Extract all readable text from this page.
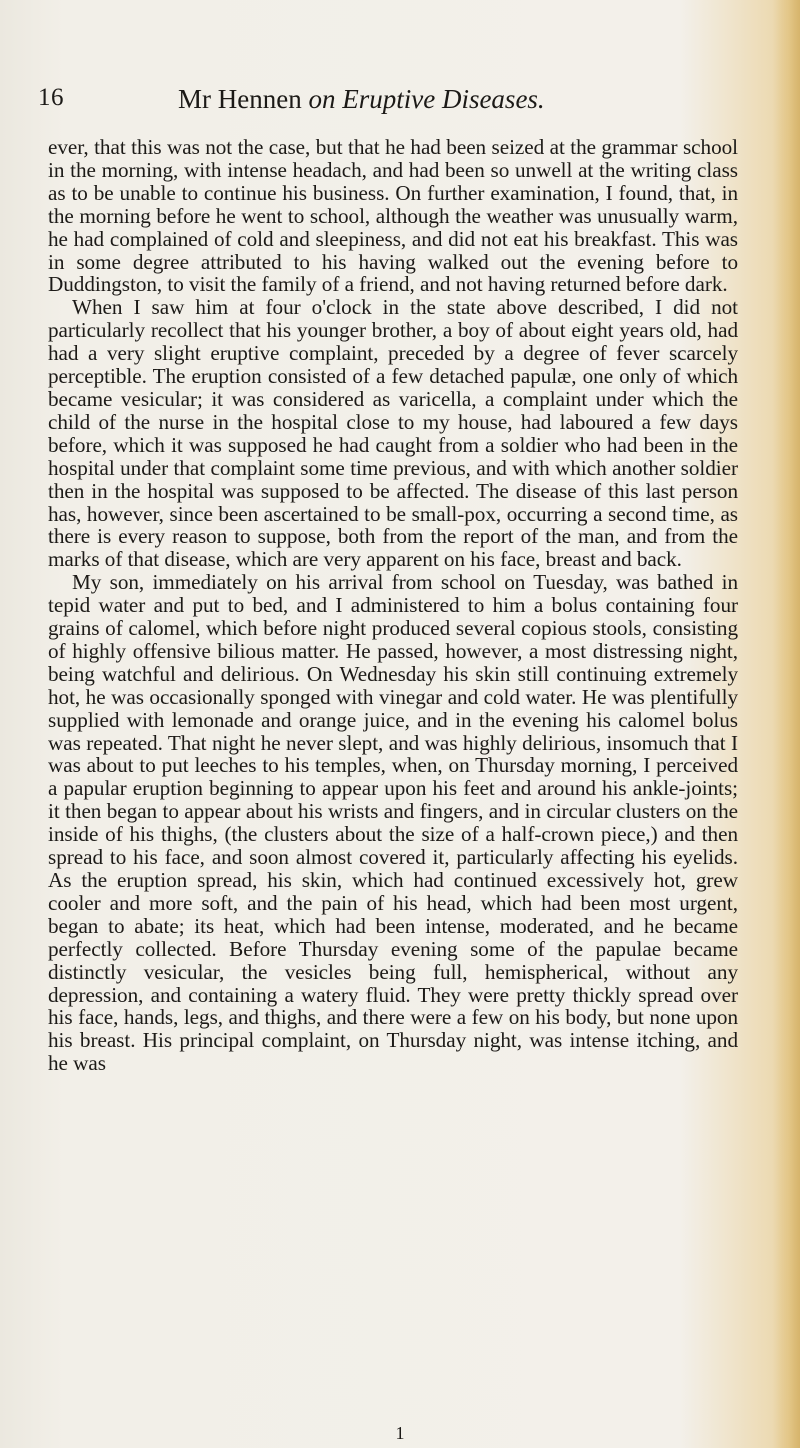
16	Mr Hennen on Eruptive Diseases.

ever, that this was not the case, but that he had been seized at the grammar school in the morning, with intense headach, and had been so unwell at the writing class as to be unable to continue his business. On further examination, I found, that, in the morning before he went to school, although the weather was unusually warm, he had complained of cold and sleepiness, and did not eat his breakfast. This was in some degree attributed to his having walked out the evening before to Duddingston, to visit the family of a friend, and not having returned before dark.

When I saw him at four o'clock in the state above described, I did not particularly recollect that his younger brother, a boy of about eight years old, had had a very slight eruptive complaint, preceded by a degree of fever scarcely perceptible. The eruption consisted of a few detached papulæ, one only of which became vesicular; it was considered as varicella, a complaint under which the child of the nurse in the hospital close to my house, had laboured a few days before, which it was supposed he had caught from a soldier who had been in the hospital under that complaint some time previous, and with which another soldier then in the hospital was supposed to be affected. The disease of this last person has, however, since been ascertained to be small-pox, occurring a second time, as there is every reason to suppose, both from the report of the man, and from the marks of that disease, which are very apparent on his face, breast and back.

My son, immediately on his arrival from school on Tuesday, was bathed in tepid water and put to bed, and I administered to him a bolus containing four grains of calomel, which before night produced several copious stools, consisting of highly offensive bilious matter. He passed, however, a most distressing night, being watchful and delirious. On Wednesday his skin still continuing extremely hot, he was occasionally sponged with vinegar and cold water. He was plentifully supplied with lemonade and orange juice, and in the evening his calomel bolus was repeated. That night he never slept, and was highly delirious, insomuch that I was about to put leeches to his temples, when, on Thursday morning, I perceived a papular eruption beginning to appear upon his feet and around his ankle-joints; it then began to appear about his wrists and fingers, and in circular clusters on the inside of his thighs, (the clusters about the size of a half-crown piece,) and then spread to his face, and soon almost covered it, particularly affecting his eyelids. As the eruption spread, his skin, which had continued excessively hot, grew cooler and more soft, and the pain of his head, which had been most urgent, began to abate; its heat, which had been intense, moderated, and he became perfectly collected. Before Thursday evening some of the papulae became distinctly vesicular, the vesicles being full, hemispherical, without any depression, and containing a watery fluid. They were pretty thickly spread over his face, hands, legs, and thighs, and there were a few on his body, but none upon his breast. His principal complaint, on Thursday night, was intense itching, and he was

1
